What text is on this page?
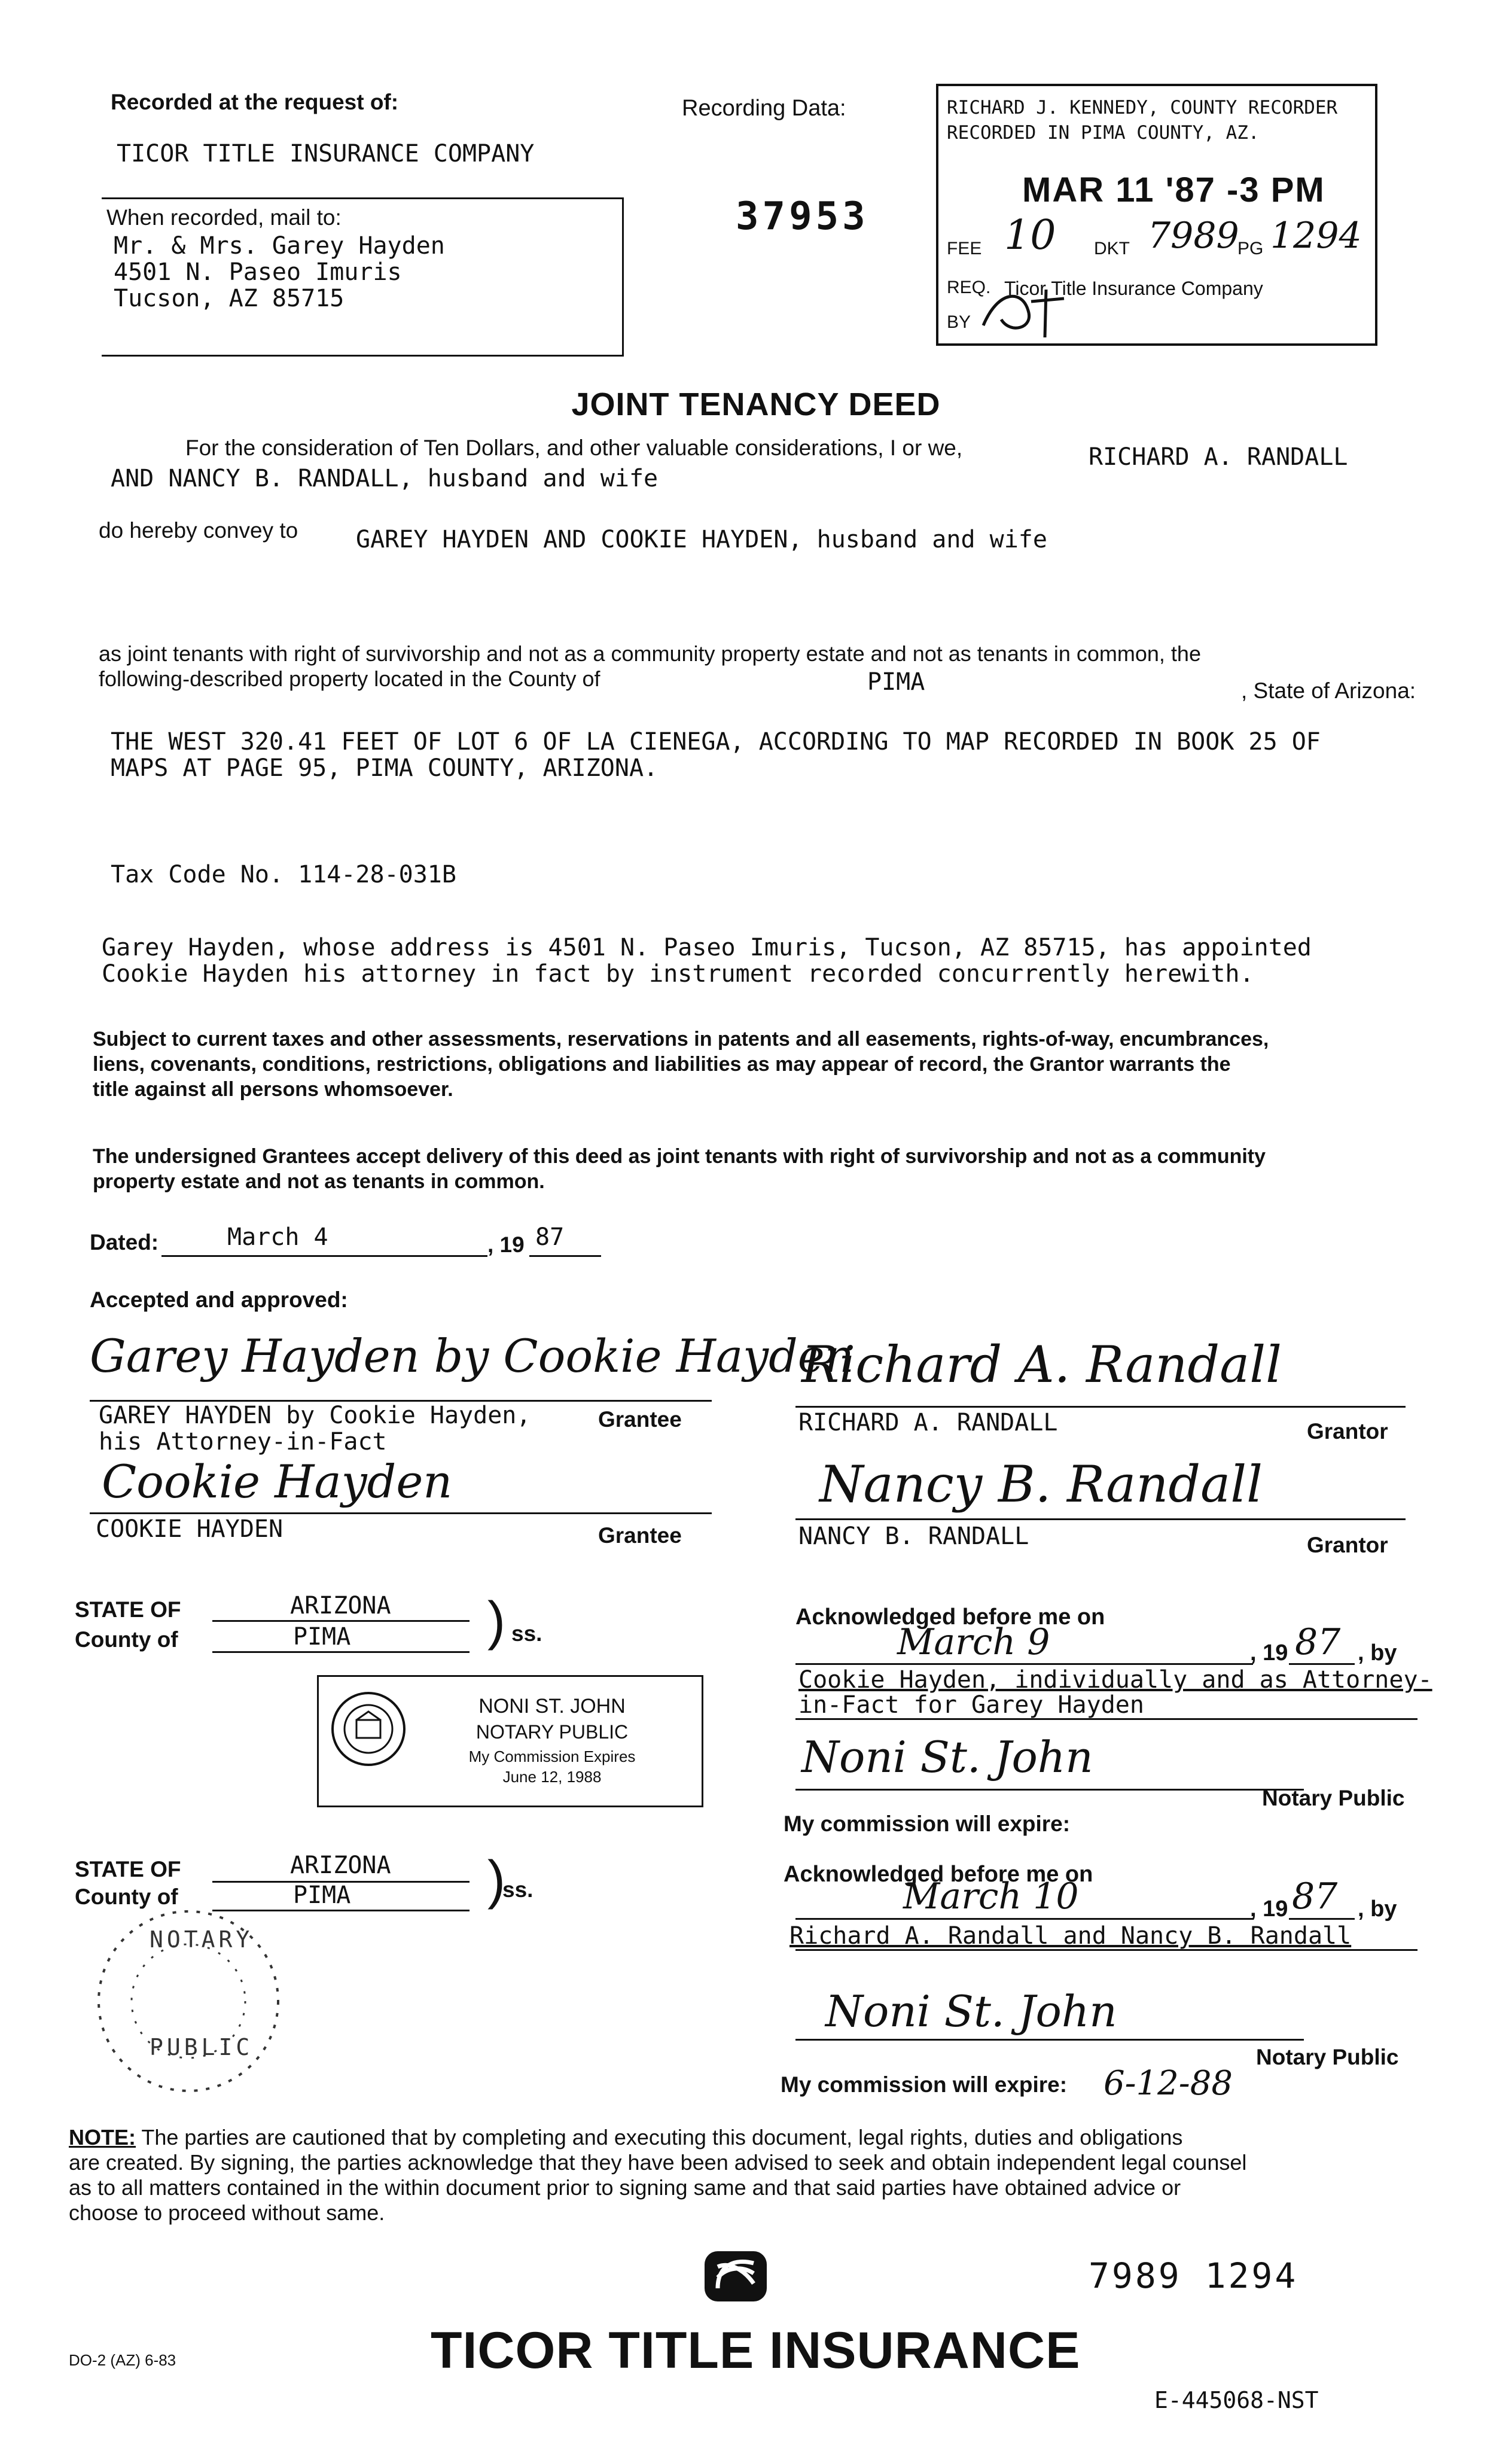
Recorded at the request of:
TICOR TITLE INSURANCE COMPANY
Recording Data:
When recorded, mail to:
Mr. & Mrs. Garey Hayden
4501 N. Paseo Imuris
Tucson, AZ 85715
37953
RICHARD J. KENNEDY, COUNTY RECORDER
RECORDED IN PIMA COUNTY, AZ.
MAR 11 '87 -3 PM
FEE 10 DKT 7989
PG 1294
REQ. Ticor Title Insurance Company
BY
JOINT TENANCY DEED
For the consideration of Ten Dollars, and other valuable considerations, I or we,	RICHARD A. RANDALL
AND NANCY B. RANDALL, husband and wife
do hereby convey to GAREY HAYDEN AND COOKIE HAYDEN, husband and wife
as joint tenants with right of survivorship and not as a community property estate and not as tenants in common, the
following-described property located in the County of	PIMA	, State of Arizona:
THE WEST 320.41 FEET OF LOT 6 OF LA CIENEGA, ACCORDING TO MAP RECORDED IN BOOK 25 OF
MAPS AT PAGE 95, PIMA COUNTY, ARIZONA.
Tax Code No. 114-28-031B
Garey Hayden, whose address is 4501 N. Paseo Imuris, Tucson, AZ 85715, has appointed
Cookie Hayden his attorney in fact by instrument recorded concurrently herewith.
Subject to current taxes and other assessments, reservations in patents and all easements, rights-of-way, encumbrances,
liens, covenants, conditions, restrictions, obligations and liabilities as may appear of record, the Grantor warrants the
title against all persons whomsoever.
The undersigned Grantees accept delivery of this deed as joint tenants with right of survivorship and not as a community
property estate and not as tenants in common.
Dated:	March 4	, 19 87
Accepted and approved:
Garey Hayden by Cookie Hayden
GAREY HAYDEN by Cookie Hayden,
his Attorney-in-Fact
Grantee
Cookie Hayden
COOKIE HAYDEN	Grantee
Richard A. Randall
RICHARD A. RANDALL	Grantor
Nancy B. Randall
NANCY B. RANDALL	Grantor
STATE OF	ARIZONA
County of	PIMA	) ss.
NONI ST. JOHN
NOTARY PUBLIC
My Commission Expires
June 12, 1988
Acknowledged before me on
March 9	, 19 87 , by
Cookie Hayden, individually and as Attorney-
in-Fact for Garey Hayden
Noni St. John
Notary Public
My commission will expire:
STATE OF	ARIZONA
County of	PIMA	)
ss.
NOTARY
PUBLIC
Acknowledged before me on
March 10	, 19 87 , by
Richard A. Randall and Nancy B. Randall
Noni St. John
Notary Public
My commission will expire: 6-12-88
NOTE: The parties are cautioned that by completing and executing this document, legal rights, duties and obligations
are created. By signing, the parties acknowledge that they have been advised to seek and obtain independent legal counsel
as to all matters contained in the within document prior to signing same and that said parties have obtained advice or
choose to proceed without same.
7989 1294
DO-2 (AZ) 6-83	TICOR TITLE INSURANCE
E-445068-NST
